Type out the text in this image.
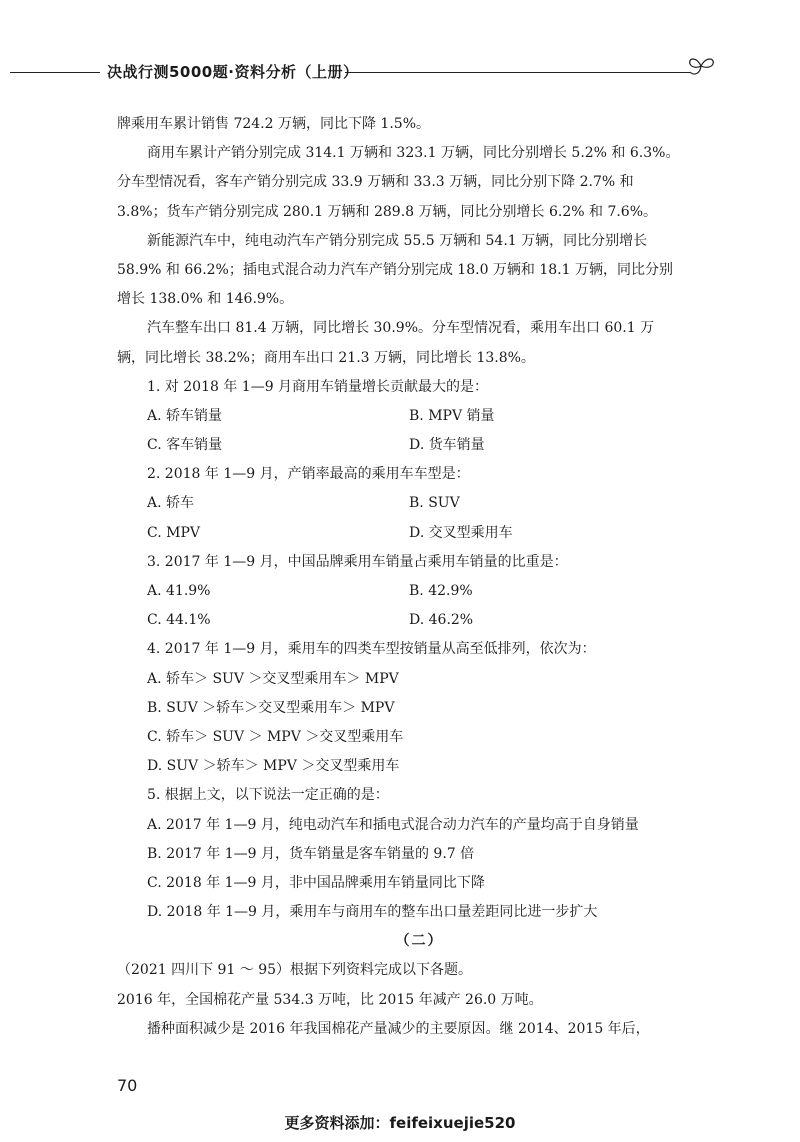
决战行测5000题·资料分析（上册）
牌乘用车累计销售 724.2 万辆，同比下降 1.5%。
商用车累计产销分别完成 314.1 万辆和 323.1 万辆，同比分别增长 5.2% 和 6.3%。
分车型情况看，客车产销分别完成 33.9 万辆和 33.3 万辆，同比分别下降 2.7% 和
3.8%；货车产销分别完成 280.1 万辆和 289.8 万辆，同比分别增长 6.2% 和 7.6%。
新能源汽车中，纯电动汽车产销分别完成 55.5 万辆和 54.1 万辆，同比分别增长
58.9% 和 66.2%；插电式混合动力汽车产销分别完成 18.0 万辆和 18.1 万辆，同比分别
增长 138.0% 和 146.9%。
汽车整车出口 81.4 万辆，同比增长 30.9%。分车型情况看，乘用车出口 60.1 万
辆，同比增长 38.2%；商用车出口 21.3 万辆，同比增长 13.8%。
1. 对 2018 年 1—9 月商用车销量增长贡献最大的是：
A. 轿车销量	B. MPV 销量
C. 客车销量	D. 货车销量
2. 2018 年 1—9 月，产销率最高的乘用车车型是：
A. 轿车	B. SUV
C. MPV	D. 交叉型乘用车
3. 2017 年 1—9 月，中国品牌乘用车销量占乘用车销量的比重是：
A. 41.9%	B. 42.9%
C. 44.1%	D. 46.2%
4. 2017 年 1—9 月，乘用车的四类车型按销量从高至低排列，依次为：
A. 轿车＞ SUV ＞交叉型乘用车＞ MPV
B. SUV ＞轿车＞交叉型乘用车＞ MPV
C. 轿车＞ SUV ＞ MPV ＞交叉型乘用车
D. SUV ＞轿车＞ MPV ＞交叉型乘用车
5. 根据上文，以下说法一定正确的是：
A. 2017 年 1—9 月，纯电动汽车和插电式混合动力汽车的产量均高于自身销量
B. 2017 年 1—9 月，货车销量是客车销量的 9.7 倍
C. 2018 年 1—9 月，非中国品牌乘用车销量同比下降
D. 2018 年 1—9 月，乘用车与商用车的整车出口量差距同比进一步扩大
（二）
（2021 四川下 91 ～ 95）根据下列资料完成以下各题。
2016 年，全国棉花产量 534.3 万吨，比 2015 年减产 26.0 万吨。
播种面积减少是 2016 年我国棉花产量减少的主要原因。继 2014、2015 年后，
70
更多资料添加：feifeixuejie520
